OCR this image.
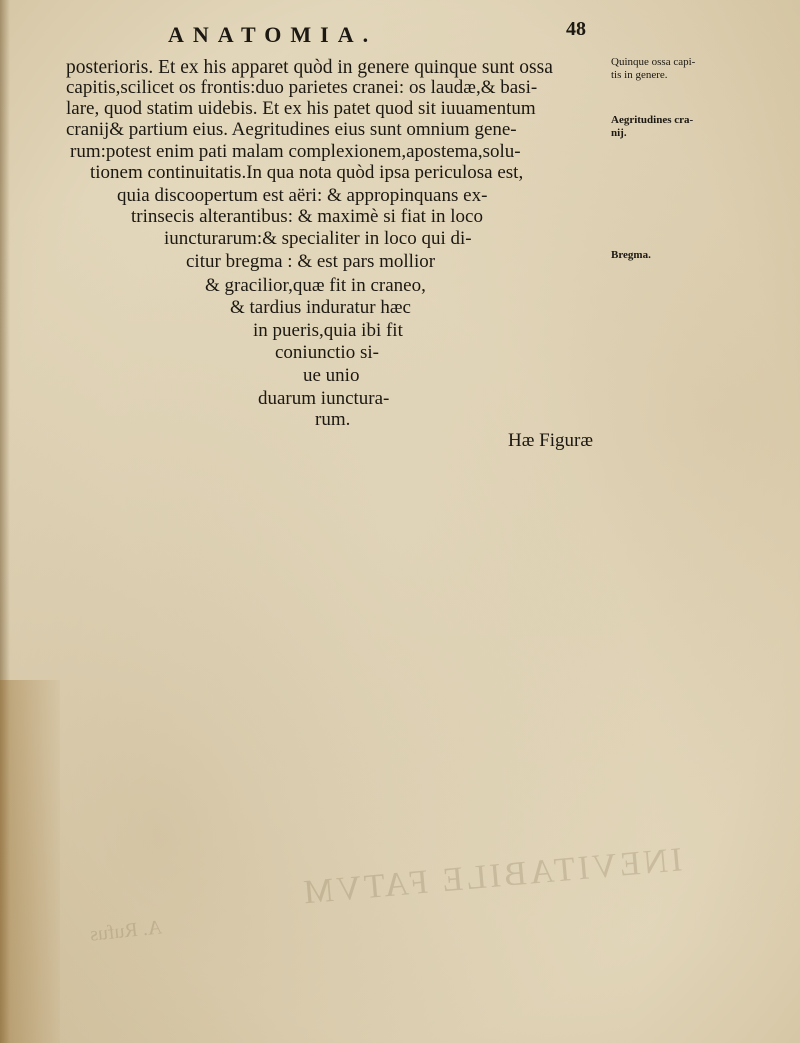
INEVITABILE FATVM
A. Rufus
ANATOMIA.	48
posterioris. Et ex his apparet quòd in genere quinque sunt ossa
capitis,scilicet os frontis:duo parietes cranei: os laudæ,& basi-
lare, quod statim uidebis. Et ex his patet quod sit iuuamentum
cranij& partium eius. Aegritudines eius sunt omnium gene-
rum:potest enim pati malam complexionem,apostema,solu-
tionem continuitatis.In qua nota quòd ipsa periculosa est,
quia discoopertum est aëri: & appropinquans ex-
trinsecis alterantibus: & maximè si fiat in loco
iuncturarum:& specialiter in loco qui di-
citur bregma : & est pars mollior
& gracilior,quæ fit in craneo,
& tardius induratur hæc
in pueris,quia ibi fit
coniunctio si-
ue unio
duarum iunctura-
rum.
Quinque ossa capi-
tis in genere.
Aegritudines cra-
nij.
Bregma.
Hæ Figuræ
